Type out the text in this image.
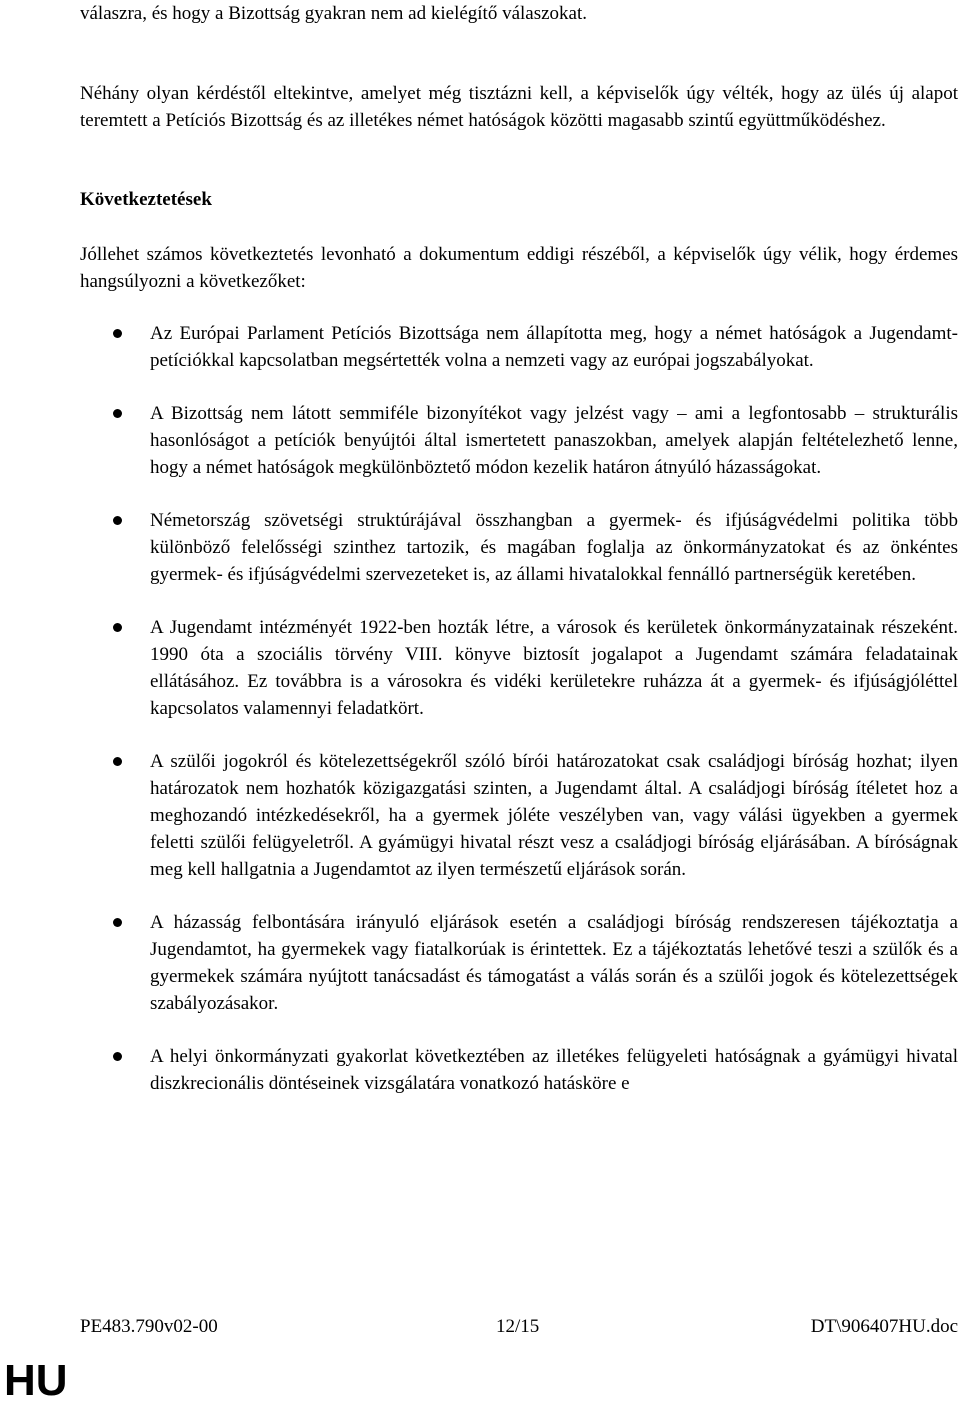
válaszra, és hogy a Bizottság gyakran nem ad kielégítő válaszokat.

Néhány olyan kérdéstől eltekintve, amelyet még tisztázni kell, a képviselők úgy vélték, hogy az ülés új alapot teremtett a Petíciós Bizottság és az illetékes német hatóságok közötti magasabb szintű együttműködéshez.

Következtetések

Jóllehet számos következtetés levonható a dokumentum eddigi részéből, a képviselők úgy vélik, hogy érdemes hangsúlyozni a következőket:

Az Európai Parlament Petíciós Bizottsága nem állapította meg, hogy a német hatóságok a Jugendamt-petíciókkal kapcsolatban megsértették volna a nemzeti vagy az európai jogszabályokat.

A Bizottság nem látott semmiféle bizonyítékot vagy jelzést vagy – ami a legfontosabb – strukturális hasonlóságot a petíciók benyújtói által ismertetett panaszokban, amelyek alapján feltételezhető lenne, hogy a német hatóságok megkülönböztető módon kezelik határon átnyúló házasságokat.

Németország szövetségi struktúrájával összhangban a gyermek- és ifjúságvédelmi politika több különböző felelősségi szinthez tartozik, és magában foglalja az önkormányzatokat és az önkéntes gyermek- és ifjúságvédelmi szervezeteket is, az állami hivatalokkal fennálló partnerségük keretében.

A Jugendamt intézményét 1922-ben hozták létre, a városok és kerületek önkormányzatainak részeként. 1990 óta a szociális törvény VIII. könyve biztosít jogalapot a Jugendamt számára feladatainak ellátásához. Ez továbbra is a városokra és vidéki kerületekre ruházza át a gyermek- és ifjúságjóléttel kapcsolatos valamennyi feladatkört.

A szülői jogokról és kötelezettségekről szóló bírói határozatokat csak családjogi bíróság hozhat; ilyen határozatok nem hozhatók közigazgatási szinten, a Jugendamt által. A családjogi bíróság ítéletet hoz a meghozandó intézkedésekről, ha a gyermek jóléte veszélyben van, vagy válási ügyekben a gyermek feletti szülői felügyeletről. A gyámügyi hivatal részt vesz a családjogi bíróság eljárásában. A bíróságnak meg kell hallgatnia a Jugendamtot az ilyen természetű eljárások során.

A házasság felbontására irányuló eljárások esetén a családjogi bíróság rendszeresen tájékoztatja a Jugendamtot, ha gyermekek vagy fiatalkorúak is érintettek. Ez a tájékoztatás lehetővé teszi a szülők és a gyermekek számára nyújtott tanácsadást és támogatást a válás során és a szülői jogok és kötelezettségek szabályozásakor.

A helyi önkormányzati gyakorlat következtében az illetékes felügyeleti hatóságnak a gyámügyi hivatal diszkrecionális döntéseinek vizsgálatára vonatkozó hatásköre e

PE483.790v02-00	12/15	DT\906407HU.doc
HU
